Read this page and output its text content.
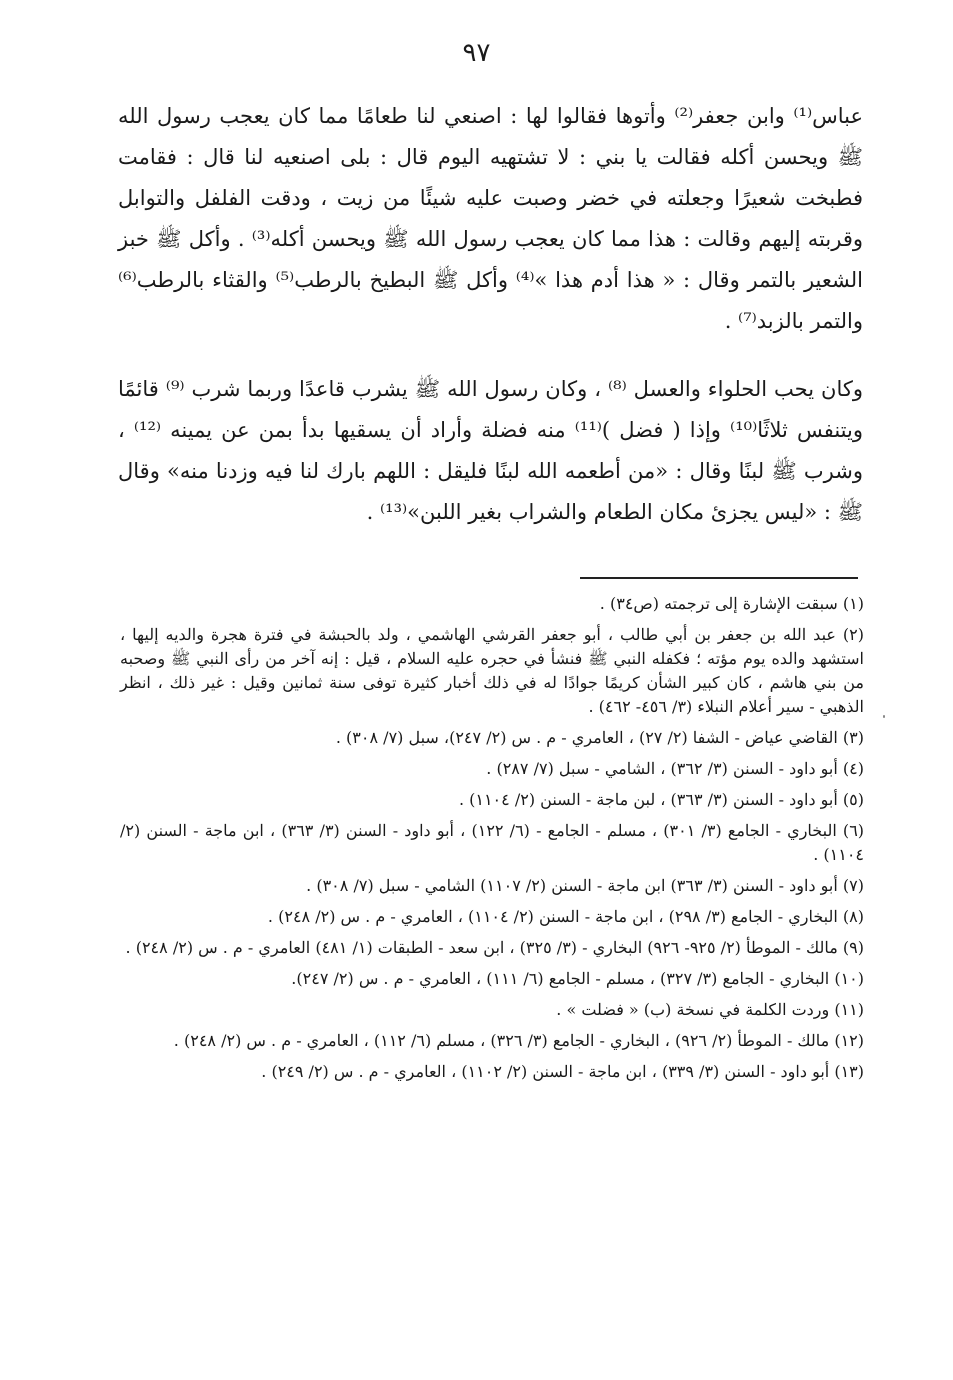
٩٧

عباس⁽¹⁾ وابن جعفر⁽²⁾ وأتوها فقالوا لها : اصنعي لنا طعامًا مما كان يعجب رسول الله ﷺ ويحسن أكله فقالت يا بني : لا تشتهيه اليوم قال : بلى اصنعيه لنا قال : فقامت فطبخت شعيرًا وجعلته في خضر وصبت عليه شيئًا من زيت ، ودقت الفلفل والتوابل وقربته إليهم وقالت : هذا مما كان يعجب رسول الله ﷺ ويحسن أكله⁽³⁾ . وأكل ﷺ خبز الشعير بالتمر وقال : « هذا أدم هذا »⁽⁴⁾ وأكل ﷺ البطيخ بالرطب⁽⁵⁾ والقثاء بالرطب⁽⁶⁾ والتمر بالزبد⁽⁷⁾ .

وكان يحب الحلواء والعسل ⁽⁸⁾ ، وكان رسول الله ﷺ يشرب قاعدًا وربما شرب ⁽⁹⁾ قائمًا ويتنفس ثلاثًا⁽¹⁰⁾ وإذا ( فضل )⁽¹¹⁾ منه فضلة وأراد أن يسقيها بدأ بمن عن يمينه ⁽¹²⁾ ، وشرب ﷺ لبنًا وقال : «من أطعمه الله لبنًا فليقل : اللهم بارك لنا فيه وزدنا منه» وقال ﷺ : «ليس يجزئ مكان الطعام والشراب بغير اللبن»⁽¹³⁾ .

(١) سبقت الإشارة إلى ترجمته (ص٣٤) .
(٢) عبد الله بن جعفر بن أبي طالب ، أبو جعفر القرشي الهاشمي ، ولد بالحبشة في فترة هجرة والديه إليها ، استشهد والده يوم مؤته ؛ فكفله النبي ﷺ فنشأ في حجره عليه السلام ، قيل : إنه آخر من رأى النبي ﷺ وصحبه من بني هاشم ، كان كبير الشأن كريمًا جوادًا له في ذلك أخبار كثيرة توفى سنة ثمانين وقيل : غير ذلك ، انظر الذهبي - سير أعلام النبلاء (٣/ ٤٥٦- ٤٦٢) .
(٣) القاضي عياض - الشفا (٢/ ٢٧) ، العامري - م . س (٢/ ٢٤٧)، سبل (٧/ ٣٠٨) .
(٤) أبو داود - السنن (٣/ ٣٦٢) ، الشامي - سبل (٧/ ٢٨٧) .
(٥) أبو داود - السنن (٣/ ٣٦٣) ، لبن ماجة - السنن (٢/ ١١٠٤) .
(٦) البخاري - الجامع (٣/ ٣٠١) ، مسلم - الجامع - (٦/ ١٢٢) ، أبو داود - السنن (٣/ ٣٦٣) ، ابن ماجة - السنن (٢/ ١١٠٤) .
(٧) أبو داود - السنن (٣/ ٣٦٣) ابن ماجة - السنن (٢/ ١١٠٧) الشامي - سبل (٧/ ٣٠٨) .
(٨) البخاري - الجامع (٣/ ٢٩٨) ، ابن ماجة - السنن (٢/ ١١٠٤) ، العامري - م . س (٢/ ٢٤٨) .
(٩) مالك - الموطأ (٢/ ٩٢٥- ٩٢٦) البخاري - (٣/ ٣٢٥) ، ابن سعد - الطبقات (١/ ٤٨١) العامري - م . س (٢/ ٢٤٨) .
(١٠) البخاري - الجامع (٣/ ٣٢٧) ، مسلم - الجامع (٦/ ١١١) ، العامري - م . س (٢/ ٢٤٧).
(١١) وردت الكلمة في نسخة (ب) « فضلت » .
(١٢) مالك - الموطأ (٢/ ٩٢٦) ، البخاري - الجامع (٣/ ٣٢٦) ، مسلم (٦/ ١١٢) ، العامري - م . س (٢/ ٢٤٨) .
(١٣) أبو داود - السنن (٣/ ٣٣٩) ، ابن ماجة - السنن (٢/ ١١٠٢) ، العامري - م . س (٢/ ٢٤٩) .
